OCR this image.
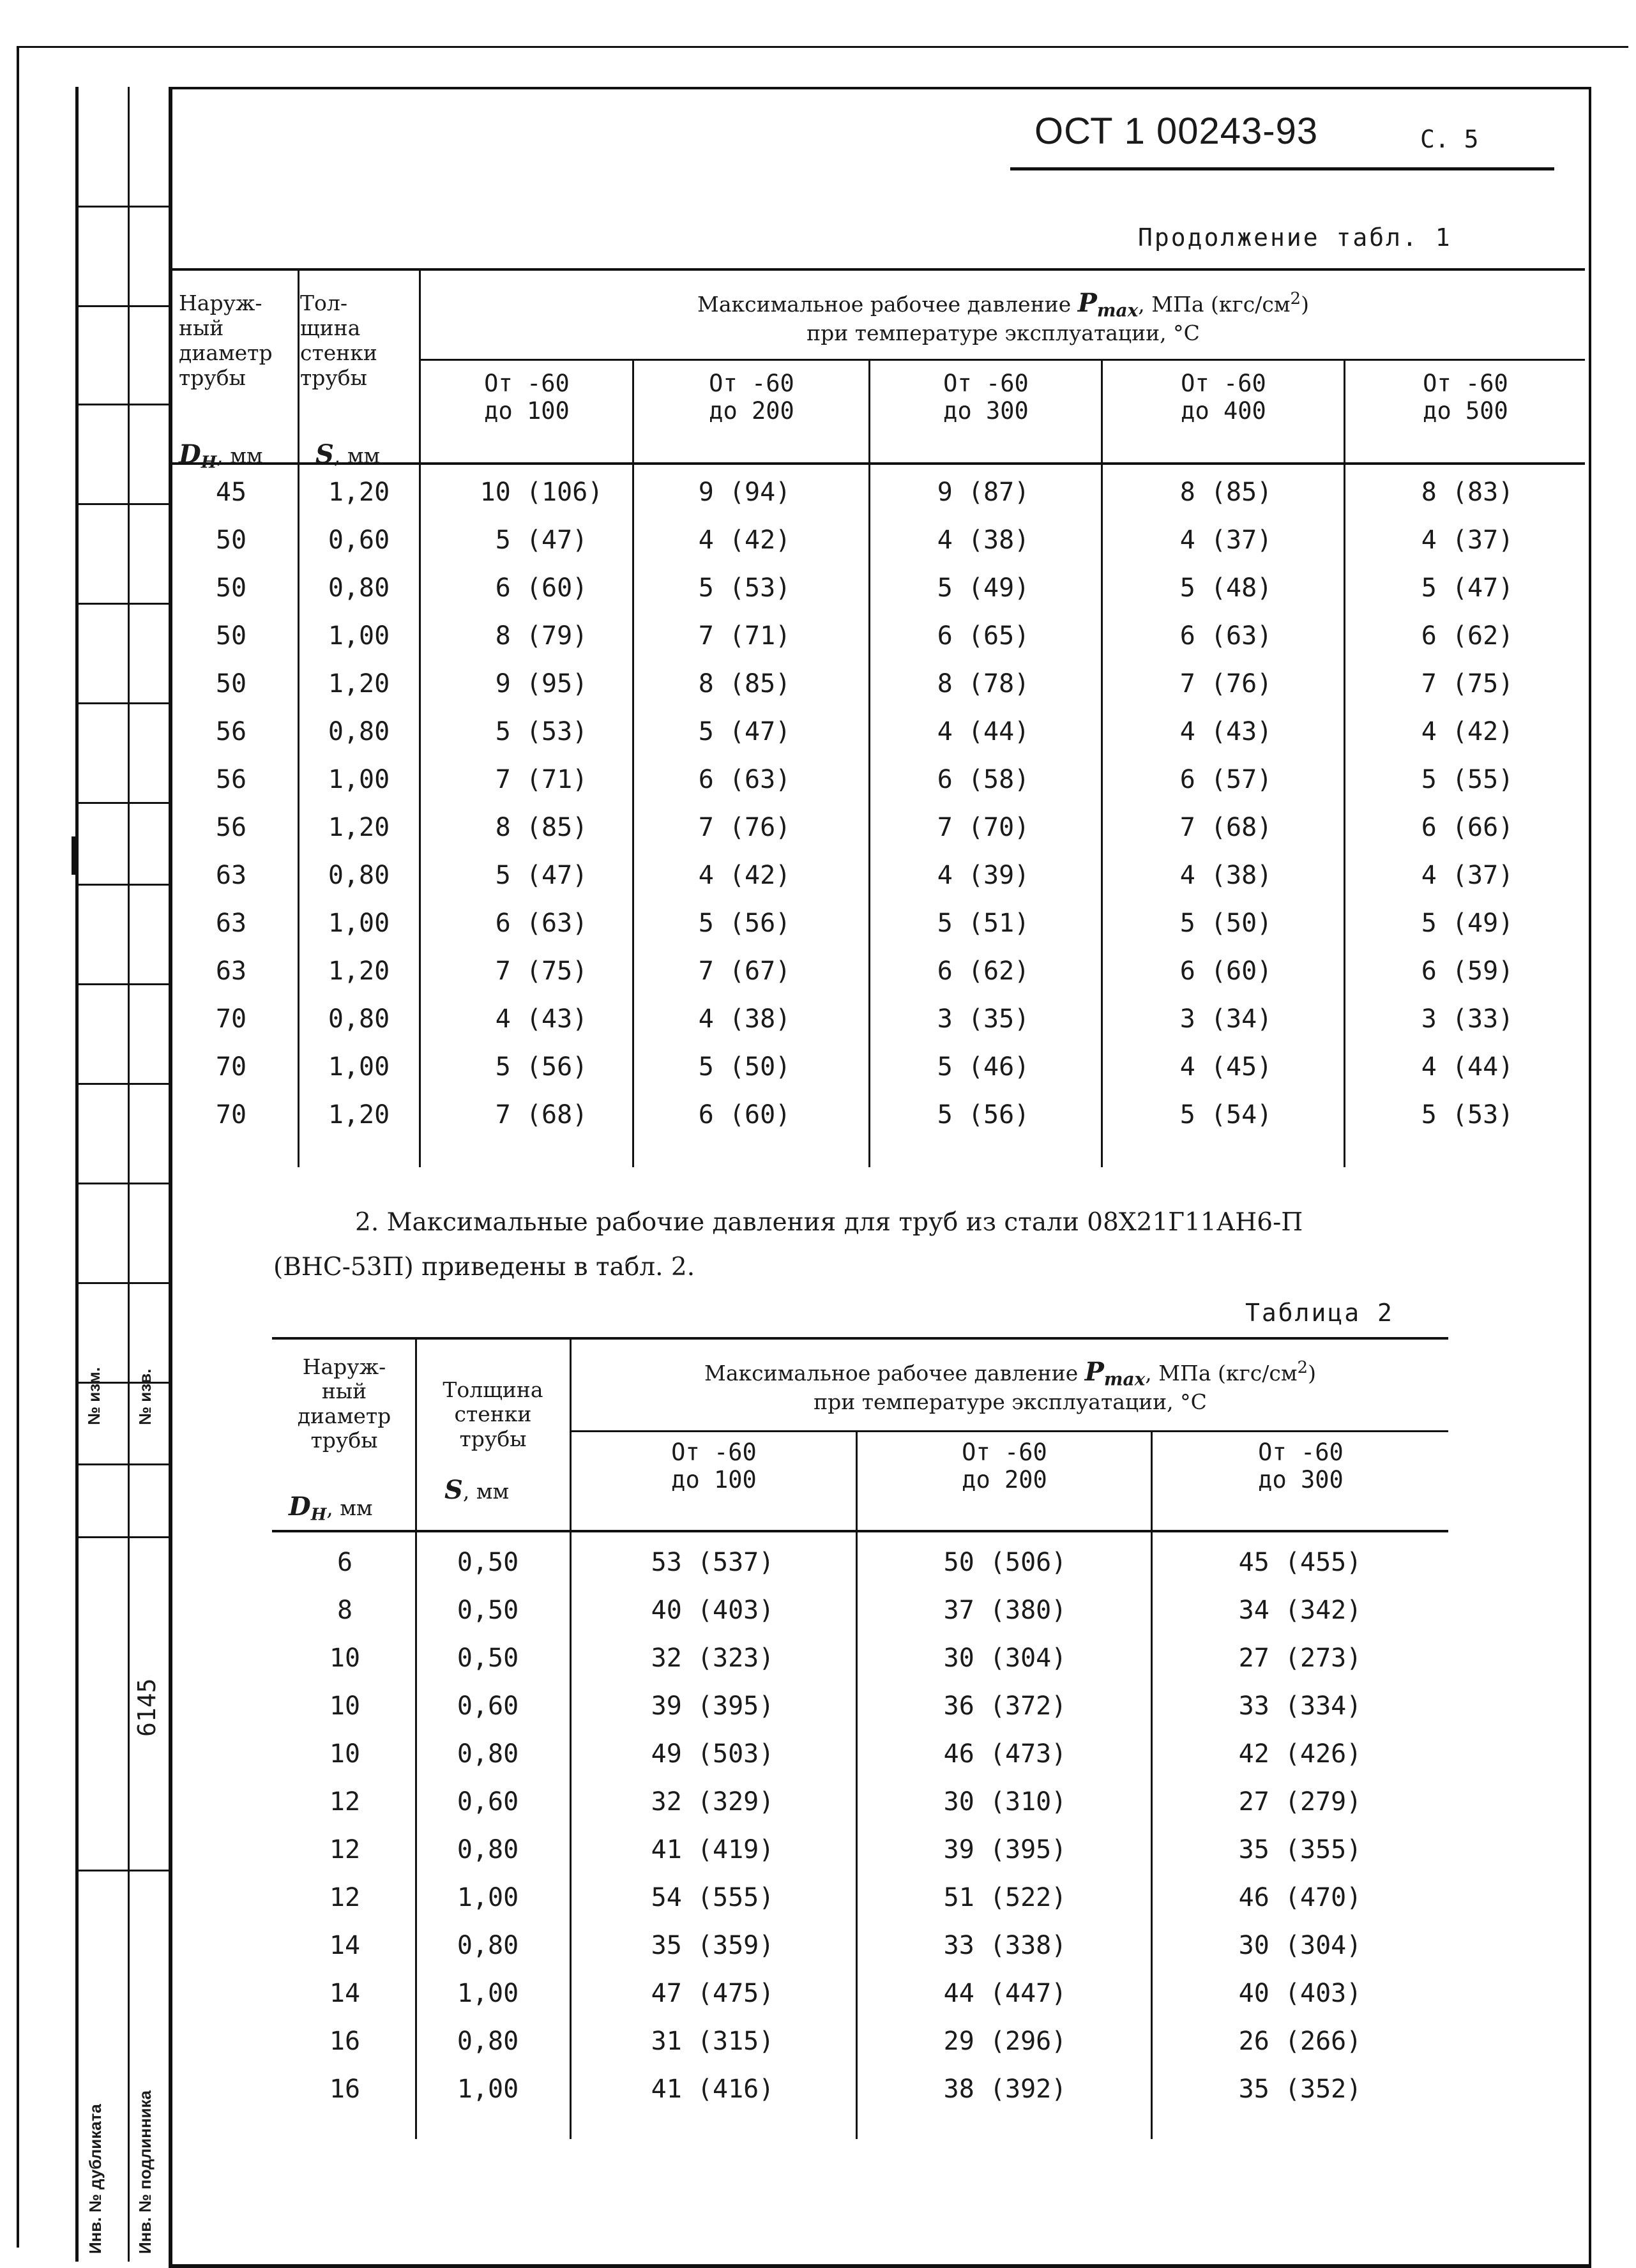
№ изм. № изв.
6145
Инв. № дубликата Инв. № подлинника
ОСТ 1 00243-93	С. 5
Продолжение табл. 1
Наруж-
ный
диаметр
трубы
$D_H$, мм
Тол-
щина
стенки
трубы
S, мм
Максимальное рабочее давление $P_{max}$, МПа $(кгс/см^2)$
при температуре эксплуатации, °C
От -60
до 100
От -60
до 200
От -60
до 300
От -60
до 400
От -60
до 500
45	1,20	10 (106)	9 (94)	9 (87)	8 (85)	8 (83)
50	0,60	5 (47)	4 (42)	4 (38)	4 (37)	4 (37)
50	0,80	6 (60)	5 (53)	5 (49)	5 (48)	5 (47)
50	1,00	8 (79)	7 (71)	6 (65)	6 (63)	6 (62)
50	1,20	9 (95)	8 (85)	8 (78)	7 (76)	7 (75)
56	0,80	5 (53)	5 (47)	4 (44)	4 (43)	4 (42)
56	1,00	7 (71)	6 (63)	6 (58)	6 (57)	5 (55)
56	1,20	8 (85)	7 (76)	7 (70)	7 (68)	6 (66)
63	0,80	5 (47)	4 (42)	4 (39)	4 (38)	4 (37)
63	1,00	6 (63)	5 (56)	5 (51)	5 (50)	5 (49)
63	1,20	7 (75)	7 (67)	6 (62)	6 (60)	6 (59)
70	0,80	4 (43)	4 (38)	3 (35)	3 (34)	3 (33)
70	1,00	5 (56)	5 (50)	5 (46)	4 (45)	4 (44)
70	1,20	7 (68)	6 (60)	5 (56)	5 (54)	5 (53)
2. Максимальные рабочие давления для труб из стали 08Х21Г11АН6-П
(ВНС-53П) приведены в табл. 2.
Таблица 2
Наруж-
ный
диаметр
трубы
$D_H$, мм
Толщина
стенки
трубы
S, мм
Максимальное рабочее давление $P_{max}$, МПа $(кгс/см^2)$
при температуре эксплуатации, °C
От -60
до 100
От -60
до 200
От -60
до 300
6	0,50	53 (537)	50 (506)	45 (455)
8	0,50	40 (403)	37 (380)	34 (342)
10	0,50	32 (323)	30 (304)	27 (273)
10	0,60	39 (395)	36 (372)	33 (334)
10	0,80	49 (503)	46 (473)	42 (426)
12	0,60	32 (329)	30 (310)	27 (279)
12	0,80	41 (419)	39 (395)	35 (355)
12	1,00	54 (555)	51 (522)	46 (470)
14	0,80	35 (359)	33 (338)	30 (304)
14	1,00	47 (475)	44 (447)	40 (403)
16	0,80	31 (315)	29 (296)	26 (266)
16	1,00	41 (416)	38 (392)	35 (352)
